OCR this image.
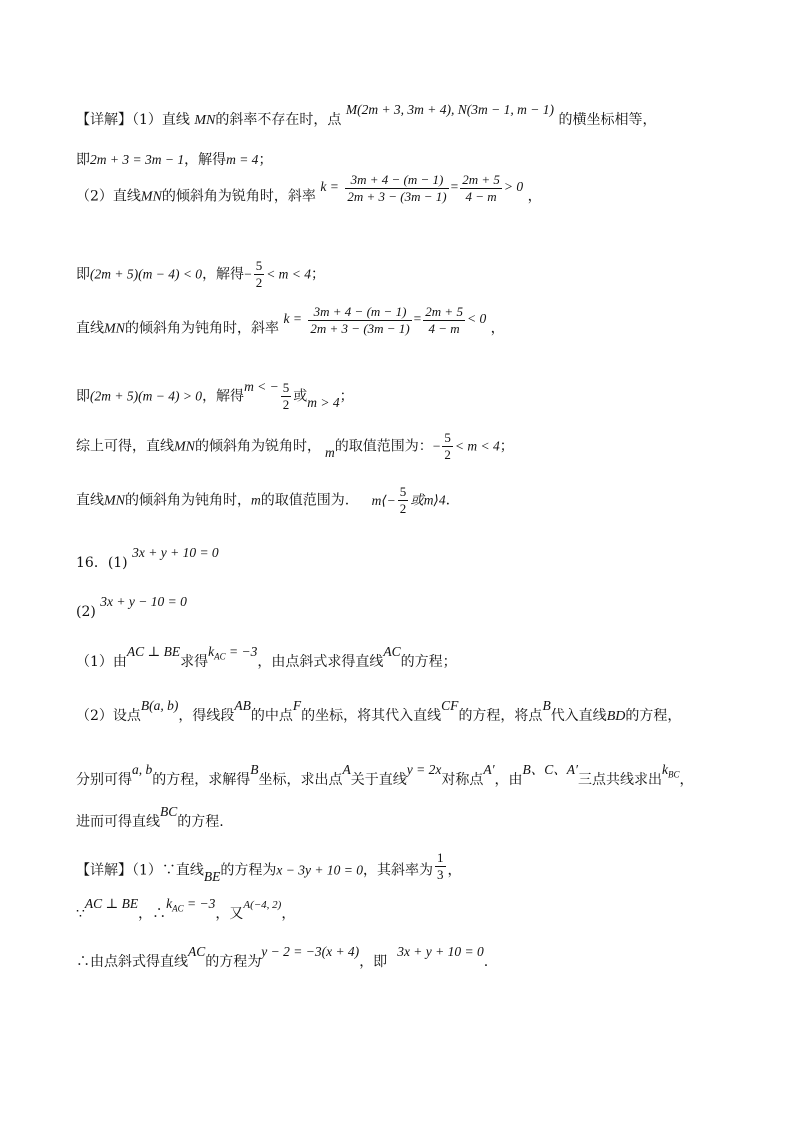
【详解】（1）直线 MN的斜率不存在时，点 M(2m + 3, 3m + 4), N(3m − 1, m − 1) 的横坐标相等，
即2m + 3 = 3m − 1，解得m = 4；
（2）直线MN的倾斜角为锐角时，斜率 $k = \frac{3m + 4 - (m - 1)}{2m + 3 - (3m - 1)} = \frac{2m + 5}{4 - m} > 0$ ，
即(2m + 5)(m − 4) < 0，解得− $\frac{5}{2} < m < 4$；
直线MN的倾斜角为钝角时，斜率 $k = \frac{3m + 4 - (m - 1)}{2m + 3 - (3m - 1)} = \frac{2m + 5}{4 - m} < 0$ ，
即(2m + 5)(m − 4) > 0，解得m < − $\frac{5}{2}$ 或m > 4；
综上可得，直线MN的倾斜角为锐角时， m的取值范围为：− $\frac{5}{2} < m < 4$；
直线MN的倾斜角为钝角时，m的取值范围为. m⟨− $\frac{5}{2}$ 或m⟩4.
16．(1) 3x + y + 10 = 0
(2) 3x + y − 10 = 0
（1）由AC ⊥ BE求得$k_{AC} = -3$，由点斜式求得直线AC的方程；
（2）设点B(a, b)，得线段AB的中点F的坐标，将其代入直线CF的方程，将点B代入直线BD的方程，
分别可得a, b的方程，求解得B坐标，求出点A关于直线y = 2x对称点A′，由B、C、A′三点共线求出$k_{BC}$，
进而可得直线BC的方程.
【详解】（1）∵直线BE的方程为x − 3y + 10 = 0，其斜率为 $\frac{1}{3}$ ，
∵AC ⊥ BE，$\therefore k_{AC} = -3$，又$^{A(-4, 2)}$，
∴由点斜式得直线AC的方程为y − 2 = −3(x + 4)，即3x + y + 10 = 0.
